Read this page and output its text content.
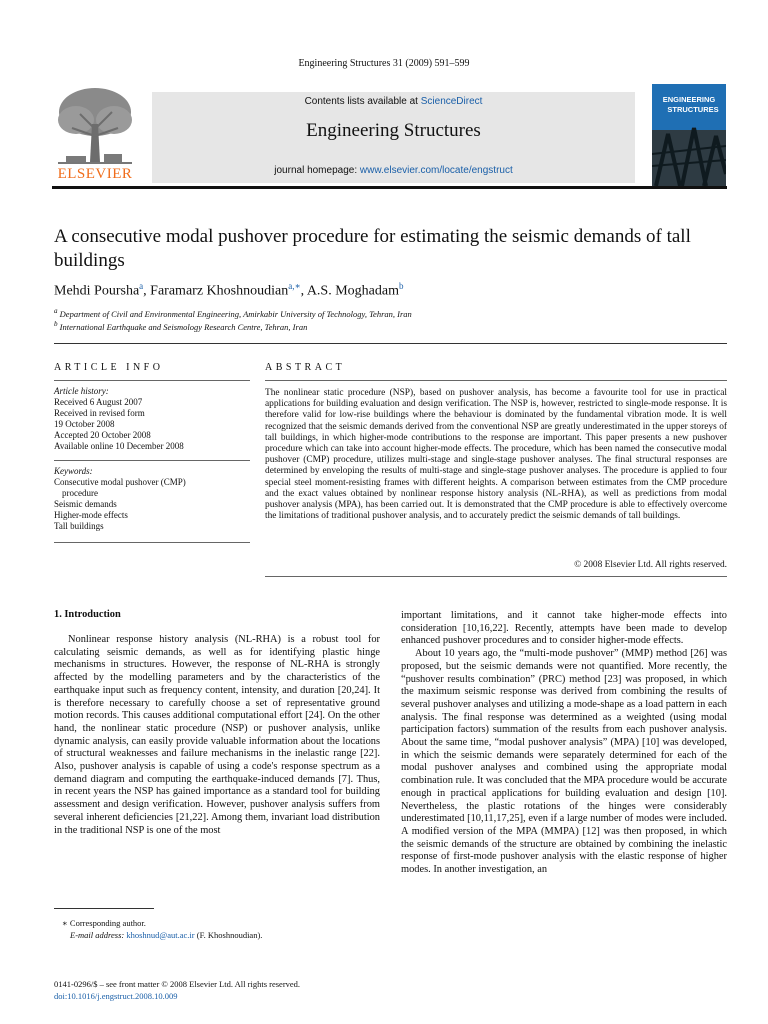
Engineering Structures 31 (2009) 591–599
ELSEVIER
Contents lists available at ScienceDirect
Engineering Structures
journal homepage: www.elsevier.com/locate/engstruct
ENGINEERING
STRUCTURES
A consecutive modal pushover procedure for estimating the seismic demands of tall buildings
Mehdi Poursha$^a$, Faramarz Khoshnoudian$^{a,∗}$, A.S. Moghadam$^b$
$^a$ Department of Civil and Environmental Engineering, Amirkabir University of Technology, Tehran, Iran
$^b$ International Earthquake and Seismology Research Centre, Tehran, Iran
ARTICLE INFO
Article history:
Received 6 August 2007
Received in revised form
19 October 2008
Accepted 20 October 2008
Available online 10 December 2008
Keywords:
Consecutive modal pushover (CMP)
procedure
Seismic demands
Higher-mode effects
Tall buildings
ABSTRACT
The nonlinear static procedure (NSP), based on pushover analysis, has become a favourite tool for use in practical applications for building evaluation and design verification. The NSP is, however, restricted to single-mode response. It is therefore valid for low-rise buildings where the behaviour is dominated by the fundamental vibration mode. It is well recognized that the seismic demands derived from the conventional NSP are greatly underestimated in the upper storeys of tall buildings, in which higher-mode contributions to the response are important. This paper presents a new pushover procedure which can take into account higher-mode effects. The procedure, which has been named the consecutive modal pushover (CMP) procedure, utilizes multi-stage and single-stage pushover analyses. The final structural responses are determined by enveloping the results of multi-stage and single-stage pushover analyses. The procedure is applied to four special steel moment-resisting frames with different heights. A comparison between estimates from the CMP procedure and the exact values obtained by nonlinear response history analysis (NL-RHA), as well as predictions from modal pushover analysis (MPA), has been carried out. It is demonstrated that the CMP procedure is able to effectively overcome the limitations of traditional pushover analysis, and to accurately predict the seismic demands of tall buildings.
© 2008 Elsevier Ltd. All rights reserved.
1. Introduction

Nonlinear response history analysis (NL-RHA) is a robust tool for calculating seismic demands, as well as for identifying plastic hinge mechanisms in structures. However, the response of NL-RHA is strongly affected by the modelling parameters and by the characteristics of the earthquake input such as frequency content, intensity, and duration [20,24]. It is therefore necessary to carefully choose a set of representative ground motion records. This causes additional computational effort [24]. On the other hand, the nonlinear static procedure (NSP) or pushover analysis, unlike dynamic analysis, can easily provide valuable information about the locations of structural weaknesses and failure mechanisms in the inelastic range [22]. Also, pushover analysis is capable of using a code's response spectrum as a demand diagram and computing the earthquake-induced demands [7]. Thus, in recent years the NSP has gained importance as a standard tool for building assessment and design verification. However, pushover analysis suffers from several inherent deficiencies [21,22]. Among them, invariant load distribution in the traditional NSP is one of the most

important limitations, and it cannot take higher-mode effects into consideration [10,16,22]. Recently, attempts have been made to develop enhanced pushover procedures and to consider higher-mode effects.

About 10 years ago, the “multi-mode pushover” (MMP) method [26] was proposed, but the seismic demands were not quantified. More recently, the “pushover results combination” (PRC) method [23] was proposed, in which the maximum seismic response was derived from combining the results of several pushover analyses and utilizing a mode-shape as a load pattern in each analysis. The final response was determined as a weighted (using modal participation factors) summation of the results from each pushover analysis. About the same time, “modal pushover analysis” (MPA) [10] was developed, in which the seismic demands were separately determined for each of the modal pushover analyses and combined using the appropriate modal combination rule. It was concluded that the MPA procedure would be accurate enough in practical applications for building evaluation and design [10]. Nevertheless, the plastic rotations of the hinges were considerably underestimated [10,11,17,25], even if a large number of modes were included. A modified version of the MPA (MMPA) [12] was then proposed, in which the seismic demands of the structure are obtained by combining the inelastic response of first-mode pushover analysis with the elastic response of higher modes. In another investigation, an

∗ Corresponding author.
E-mail address: khoshnud@aut.ac.ir (F. Khoshnoudian).
0141-0296/$ – see front matter © 2008 Elsevier Ltd. All rights reserved.
doi:10.1016/j.engstruct.2008.10.009
